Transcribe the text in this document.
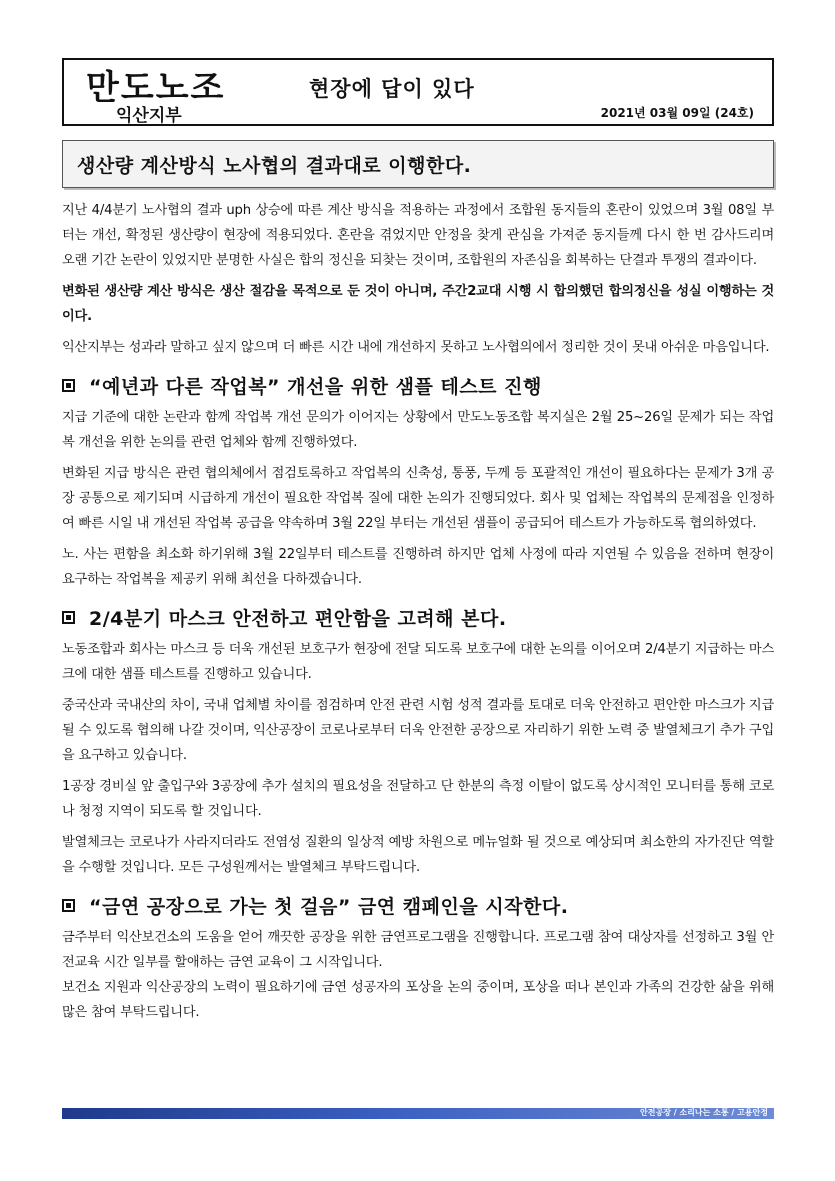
만도노조
익산지부
현장에 답이 있다
2021년 03월 09일 (24호)
생산량 계산방식 노사협의 결과대로 이행한다.

지난 4/4분기 노사협의 결과 uph 상승에 따른 계산 방식을 적용하는 과정에서 조합원 동지들의 혼란이 있었으며 3월 08일 부터는 개선, 확정된 생산량이 현장에 적용되었다. 혼란을 겪었지만 안정을 찾게 관심을 가져준 동지들께 다시 한 번 감사드리며 오랜 기간 논란이 있었지만 분명한 사실은 합의 정신을 되찾는 것이며, 조합원의 자존심을 회복하는 단결과 투쟁의 결과이다.

변화된 생산량 계산 방식은 생산 절감을 목적으로 둔 것이 아니며, 주간2교대 시행 시 합의했던 합의정신을 성실 이행하는 것이다.

익산지부는 성과라 말하고 싶지 않으며 더 빠른 시간 내에 개선하지 못하고 노사협의에서 정리한 것이 못내 아쉬운 마음입니다.

“예년과 다른 작업복” 개선을 위한 샘플 테스트 진행

지급 기준에 대한 논란과 함께 작업복 개선 문의가 이어지는 상황에서 만도노동조합 복지실은 2월 25~26일 문제가 되는 작업복 개선을 위한 논의를 관련 업체와 함께 진행하였다.

변화된 지급 방식은 관련 협의체에서 점검토록하고 작업복의 신축성, 통풍, 두께 등 포괄적인 개선이 필요하다는 문제가 3개 공장 공통으로 제기되며 시급하게 개선이 필요한 작업복 질에 대한 논의가 진행되었다. 회사 및 업체는 작업복의 문제점을 인정하여 빠른 시일 내 개선된 작업복 공급을 약속하며 3월 22일 부터는 개선된 샘플이 공급되어 테스트가 가능하도록 협의하였다.

노. 사는 편함을 최소화 하기위해 3월 22일부터 테스트를 진행하려 하지만 업체 사정에 따라 지연될 수 있음을 전하며 현장이 요구하는 작업복을 제공키 위해 최선을 다하겠습니다.

2/4분기 마스크 안전하고 편안함을 고려해 본다.

노동조합과 회사는 마스크 등 더욱 개선된 보호구가 현장에 전달 되도록 보호구에 대한 논의를 이어오며 2/4분기 지급하는 마스크에 대한 샘플 테스트를 진행하고 있습니다.

중국산과 국내산의 차이, 국내 업체별 차이를 점검하며 안전 관련 시험 성적 결과를 토대로 더욱 안전하고 편안한 마스크가 지급 될 수 있도록 협의해 나갈 것이며, 익산공장이 코로나로부터 더욱 안전한 공장으로 자리하기 위한 노력 중 발열체크기 추가 구입을 요구하고 있습니다.

1공장 경비실 앞 출입구와 3공장에 추가 설치의 필요성을 전달하고 단 한분의 측정 이탈이 없도록 상시적인 모니터를 통해 코로나 청정 지역이 되도록 할 것입니다.

발열체크는 코로나가 사라지더라도 전염성 질환의 일상적 예방 차원으로 메뉴얼화 될 것으로 예상되며 최소한의 자가진단 역할을 수행할 것입니다. 모든 구성원께서는 발열체크 부탁드립니다.

“금연 공장으로 가는 첫 걸음” 금연 캠페인을 시작한다.

금주부터 익산보건소의 도움을 얻어 깨끗한 공장을 위한 금연프로그램을 진행합니다. 프로그램 참여 대상자를 선정하고 3월 안전교육 시간 일부를 할애하는 금연 교육이 그 시작입니다.

보건소 지원과 익산공장의 노력이 필요하기에 금연 성공자의 포상을 논의 중이며, 포상을 떠나 본인과 가족의 건강한 삶을 위해 많은 참여 부탁드립니다.

안전공장 / 소리나는 소통 / 고용안정
